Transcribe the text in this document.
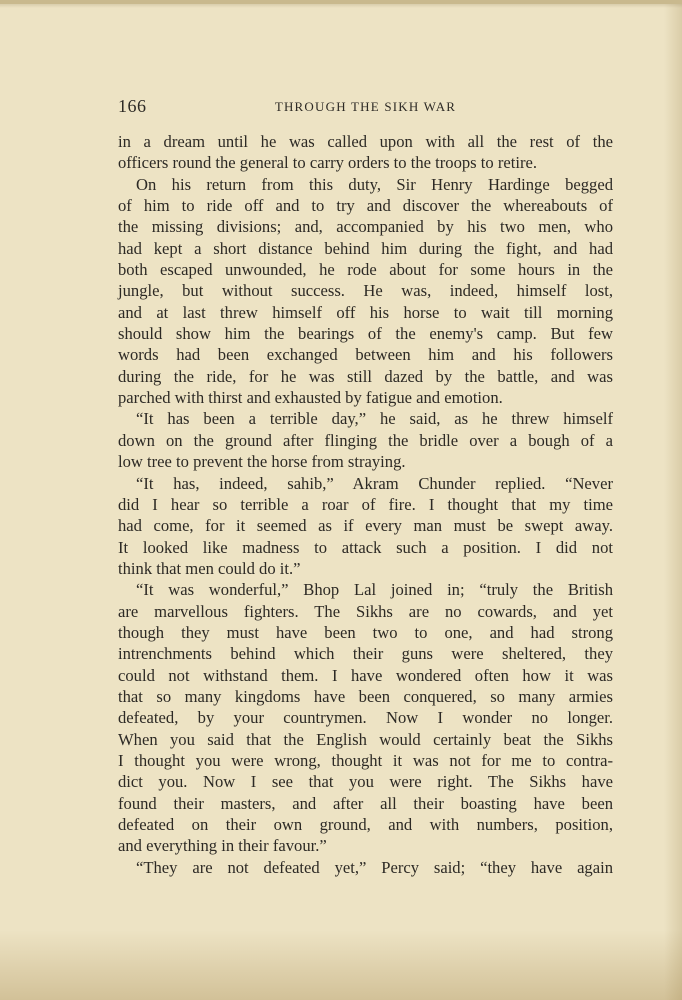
166	THROUGH THE SIKH WAR
in a dream until he was called upon with all the rest of the
officers round the general to carry orders to the troops to retire.
On his return from this duty, Sir Henry Hardinge begged
of him to ride off and to try and discover the whereabouts of
the missing divisions; and, accompanied by his two men, who
had kept a short distance behind him during the fight, and had
both escaped unwounded, he rode about for some hours in the
jungle, but without success. He was, indeed, himself lost,
and at last threw himself off his horse to wait till morning
should show him the bearings of the enemy's camp. But few
words had been exchanged between him and his followers
during the ride, for he was still dazed by the battle, and was
parched with thirst and exhausted by fatigue and emotion.
“It has been a terrible day,” he said, as he threw himself
down on the ground after flinging the bridle over a bough of a
low tree to prevent the horse from straying.
“It has, indeed, sahib,” Akram Chunder replied. “Never
did I hear so terrible a roar of fire. I thought that my time
had come, for it seemed as if every man must be swept away.
It looked like madness to attack such a position. I did not
think that men could do it.”
“It was wonderful,” Bhop Lal joined in; “truly the British
are marvellous fighters. The Sikhs are no cowards, and yet
though they must have been two to one, and had strong
intrenchments behind which their guns were sheltered, they
could not withstand them. I have wondered often how it was
that so many kingdoms have been conquered, so many armies
defeated, by your countrymen. Now I wonder no longer.
When you said that the English would certainly beat the Sikhs
I thought you were wrong, thought it was not for me to contra-
dict you. Now I see that you were right. The Sikhs have
found their masters, and after all their boasting have been
defeated on their own ground, and with numbers, position,
and everything in their favour.”
“They are not defeated yet,” Percy said; “they have again
